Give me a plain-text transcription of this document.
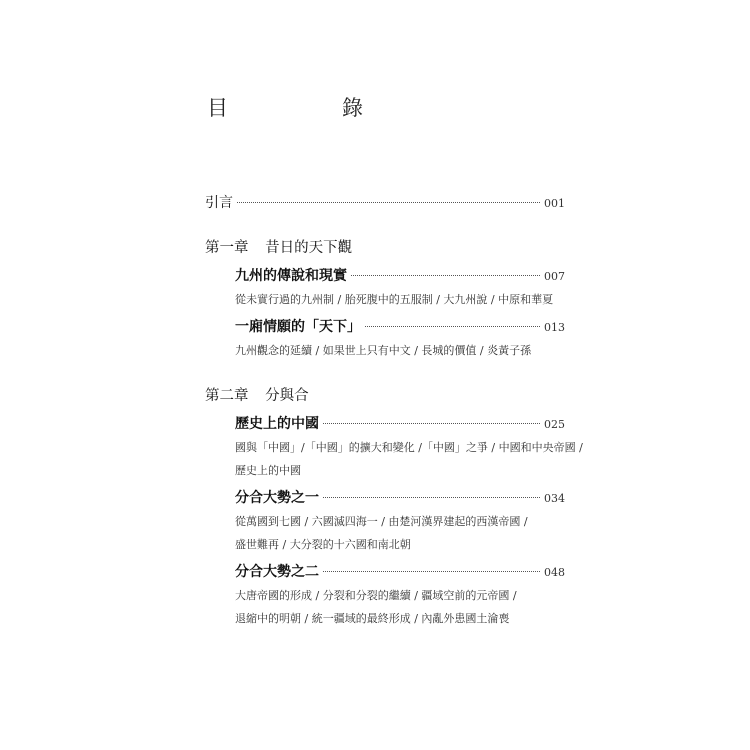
目　　錄
引言	001
第一章 昔日的天下觀
九州的傳說和現實	007
從未實行過的九州制 / 胎死腹中的五服制 / 大九州說 / 中原和華夏
一廂情願的「天下」	013
九州觀念的延續 / 如果世上只有中文 / 長城的價值 / 炎黃子孫
第二章 分與合
歷史上的中國	025
國與「中國」/「中國」的擴大和變化 /「中國」之爭 / 中國和中央帝國 /
歷史上的中國
分合大勢之一	034
從萬國到七國 / 六國滅四海一 / 由楚河漢界建起的西漢帝國 /
盛世難再 / 大分裂的十六國和南北朝
分合大勢之二	048
大唐帝國的形成 / 分裂和分裂的繼續 / 疆域空前的元帝國 /
退縮中的明朝 / 統一疆域的最終形成 / 內亂外患國土淪喪
